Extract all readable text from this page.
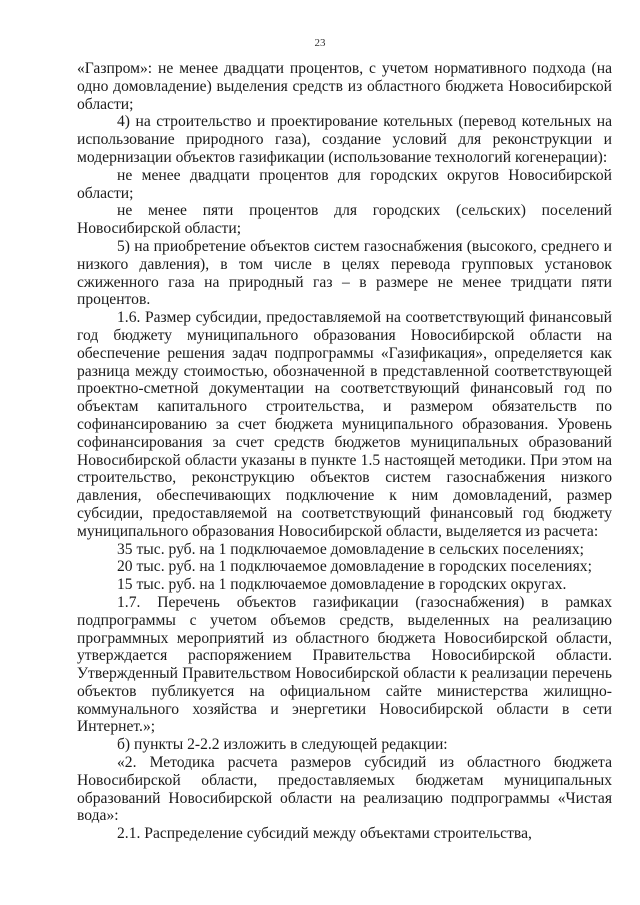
23

«Газпром»: не менее двадцати процентов, с учетом нормативного подхода (на одно домовладение) выделения средств из областного бюджета Новосибирской области;

4) на строительство и проектирование котельных (перевод котельных на использование природного газа), создание условий для реконструкции и модернизации объектов газификации (использование технологий когенерации):

не менее двадцати процентов для городских округов Новосибирской области;

не менее пяти процентов для городских (сельских) поселений Новосибирской области;

5) на приобретение объектов систем газоснабжения (высокого, среднего и низкого давления), в том числе в целях перевода групповых установок сжиженного газа на природный газ – в размере не менее тридцати пяти процентов.

1.6. Размер субсидии, предоставляемой на соответствующий финансовый год бюджету муниципального образования Новосибирской области на обеспечение решения задач подпрограммы «Газификация», определяется как разница между стоимостью, обозначенной в представленной соответствующей проектно-сметной документации на соответствующий финансовый год по объектам капитального строительства, и размером обязательств по софинансированию за счет бюджета муниципального образования. Уровень софинансирования за счет средств бюджетов муниципальных образований Новосибирской области указаны в пункте 1.5 настоящей методики. При этом на строительство, реконструкцию объектов систем газоснабжения низкого давления, обеспечивающих подключение к ним домовладений, размер субсидии, предоставляемой на соответствующий финансовый год бюджету муниципального образования Новосибирской области, выделяется из расчета:

35 тыс. руб. на 1 подключаемое домовладение в сельских поселениях;

20 тыс. руб. на 1 подключаемое домовладение в городских поселениях;

15 тыс. руб. на 1 подключаемое домовладение в городских округах.

1.7. Перечень объектов газификации (газоснабжения) в рамках подпрограммы с учетом объемов средств, выделенных на реализацию программных мероприятий из областного бюджета Новосибирской области, утверждается распоряжением Правительства Новосибирской области. Утвержденный Правительством Новосибирской области к реализации перечень объектов публикуется на официальном сайте министерства жилищно-коммунального хозяйства и энергетики Новосибирской области в сети Интернет.»;

б) пункты 2-2.2 изложить в следующей редакции:

«2. Методика расчета размеров субсидий из областного бюджета Новосибирской области, предоставляемых бюджетам муниципальных образований Новосибирской области на реализацию подпрограммы «Чистая вода»:

2.1. Распределение субсидий между объектами строительства,
